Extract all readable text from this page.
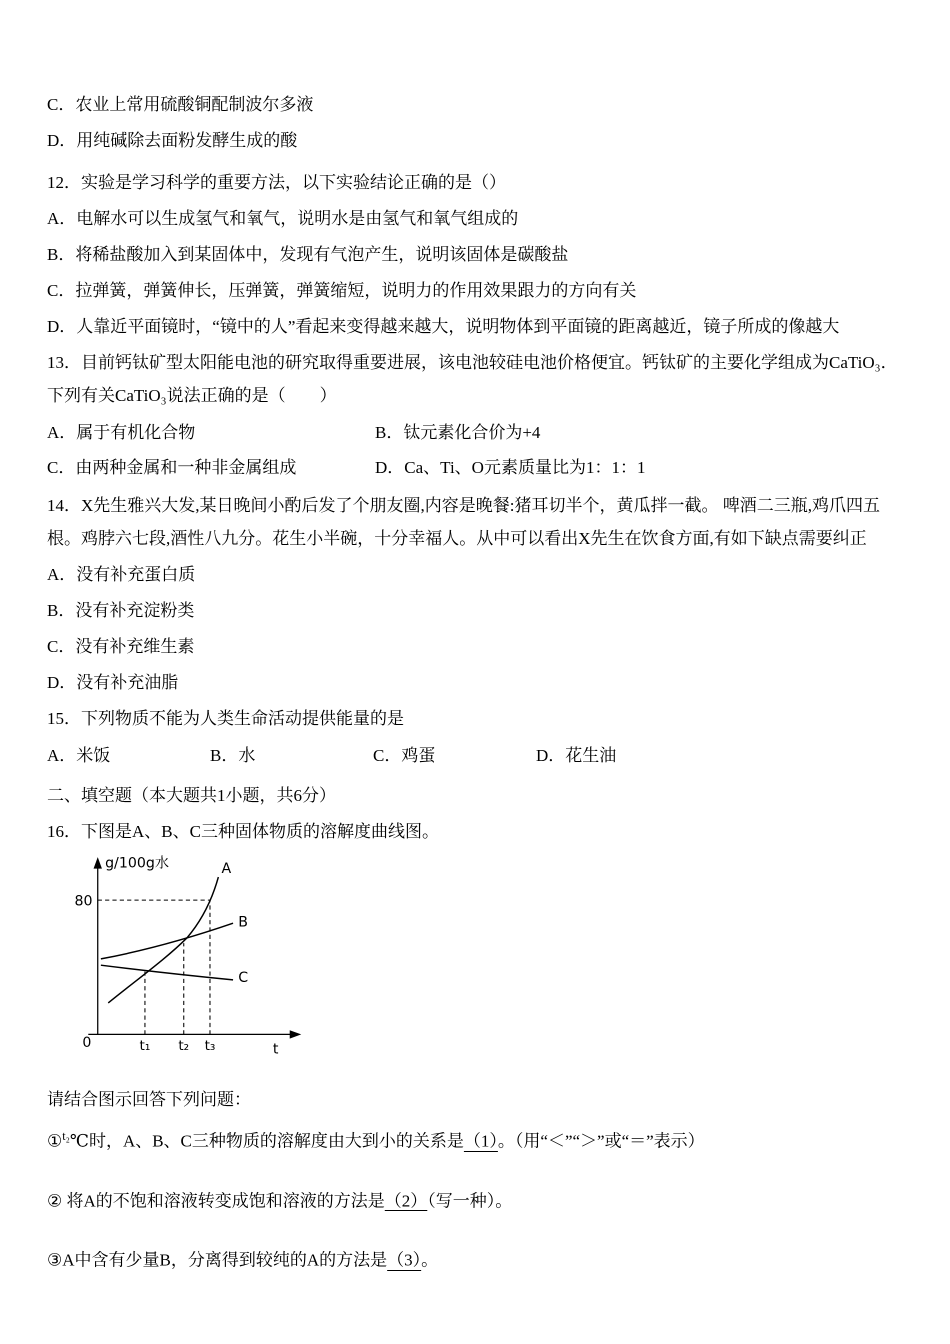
C．农业上常用硫酸铜配制波尔多液

D．用纯碱除去面粉发酵生成的酸

12．实验是学习科学的重要方法，以下实验结论正确的是（）

A．电解水可以生成氢气和氧气，说明水是由氢气和氧气组成的

B．将稀盐酸加入到某固体中，发现有气泡产生，说明该固体是碳酸盐

C．拉弹簧，弹簧伸长，压弹簧，弹簧缩短，说明力的作用效果跟力的方向有关

D．人靠近平面镜时，“镜中的人”看起来变得越来越大，说明物体到平面镜的距离越近，镜子所成的像越大

13．目前钙钛矿型太阳能电池的研究取得重要进展，该电池较硅电池价格便宜。钙钛矿的主要化学组成为CaTiO₃．下列有关CaTiO₃说法正确的是（　　）

A．属于有机化合物	B．钛元素化合价为+4
C．由两种金属和一种非金属组成	D．Ca、Ti、O元素质量比为1：1：1

14．X先生雅兴大发,某日晚间小酌后发了个朋友圈,内容是晚餐:猪耳切半个，黄瓜拌一截。 啤酒二三瓶,鸡爪四五根。鸡脖六七段,酒性八九分。花生小半碗，十分幸福人。从中可以看出X先生在饮食方面,有如下缺点需要纠正

A．没有补充蛋白质

B．没有补充淀粉类

C．没有补充维生素

D．没有补充油脂

15．下列物质不能为人类生命活动提供能量的是

A．米饭	B．水	C．鸡蛋	D．花生油

二、填空题（本大题共1小题，共6分）

16．下图是A、B、C三种固体物质的溶解度曲线图。

g/100g水
80
0	t₁ t₂ t₃	t
A
B
C

请结合图示回答下列问题：

①$^{t_2}$℃时，A、B、C三种物质的溶解度由大到小的关系是（1）。（用“＜”“＞”或“＝”表示）

② 将A的不饱和溶液转变成饱和溶液的方法是（2）（写一种）。

③A中含有少量B，分离得到较纯的A的方法是（3）。
